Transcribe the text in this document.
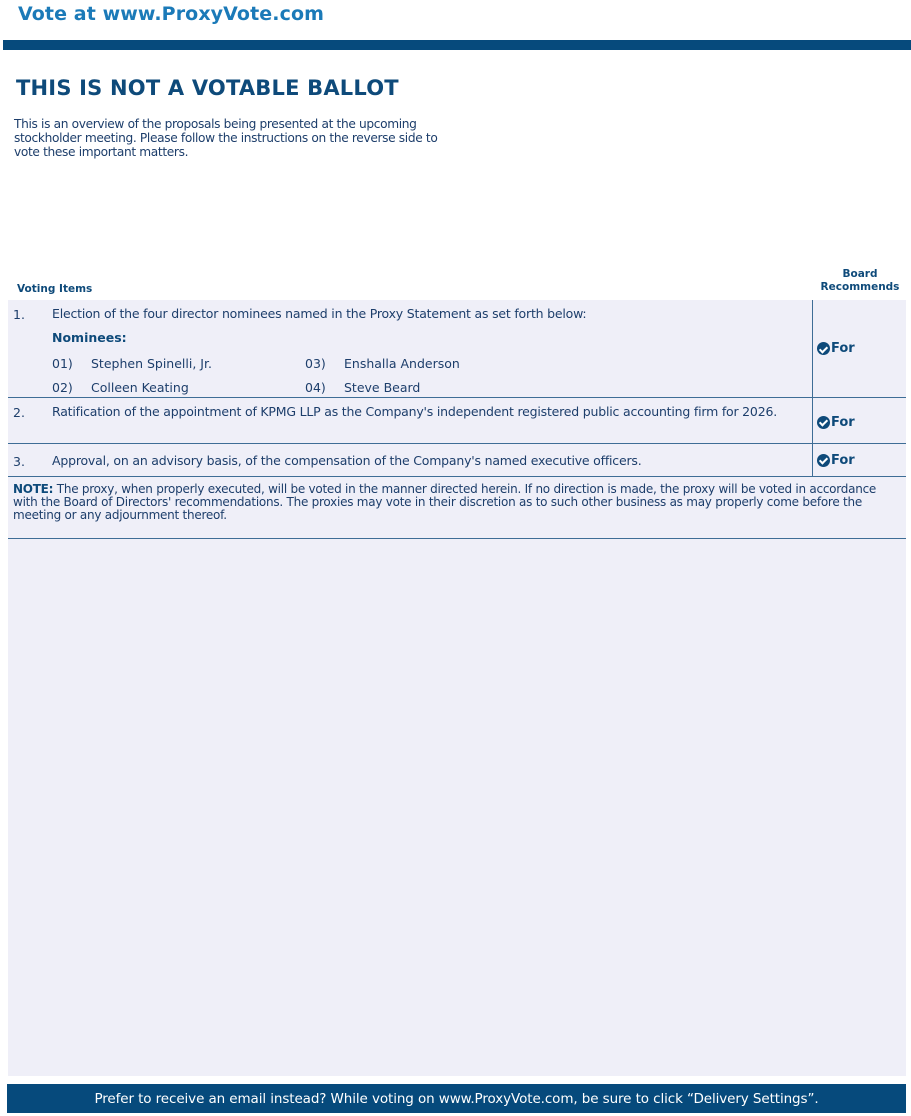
Vote at www.ProxyVote.com
THIS IS NOT A VOTABLE BALLOT
This is an overview of the proposals being presented at the upcoming stockholder meeting. Please follow the instructions on the reverse side to vote these important matters.
Voting Items
Board
Recommends
1. Election of the four director nominees named in the Proxy Statement as set forth below:
Nominees:
01) Stephen Spinelli, Jr.
02) Colleen Keating
03) Enshalla Anderson
04) Steve Beard
For
2. Ratification of the appointment of KPMG LLP as the Company's independent registered public accounting firm for 2026.
For
3. Approval, on an advisory basis, of the compensation of the Company's named executive officers.	For
NOTE: The proxy, when properly executed, will be voted in the manner directed herein. If no direction is made, the proxy will be voted in accordance with the Board of Directors' recommendations. The proxies may vote in their discretion as to such other business as may properly come before the meeting or any adjournment thereof.
Prefer to receive an email instead? While voting on www.ProxyVote.com, be sure to click “Delivery Settings”.
